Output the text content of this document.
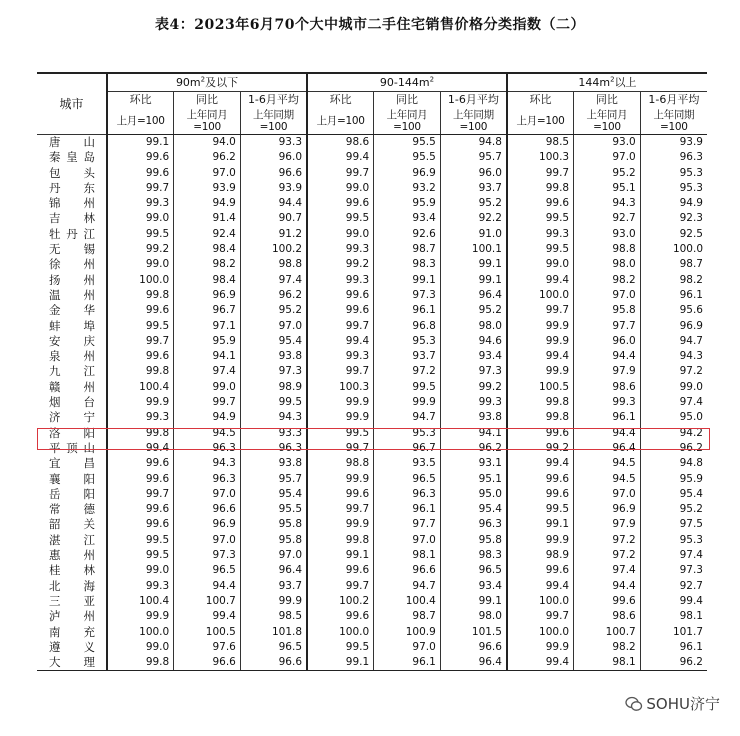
表4：2023年6月70个大中城市二手住宅销售价格分类指数（二）
城市	$90m^2$及以下			$90-144m^2$			$144m^2$以上		
	环比	同比	1-6月平均	环比	同比	1-6月平均	环比	同比	1-6月平均
	上月=100	上年同月=100	上年同期=100	上月=100	上年同月=100	上年同期=100	上月=100	上年同月=100	上年同期=100
唐山	99.1	94.0	93.3	98.6	95.5	94.8	98.5	93.0	93.9
秦皇岛	99.6	96.2	96.0	99.4	95.5	95.7	100.3	97.0	96.3
包头	99.6	97.0	96.6	99.7	96.9	96.0	99.7	95.2	95.3
丹东	99.7	93.9	93.9	99.0	93.2	93.7	99.8	95.1	95.3
锦州	99.3	94.9	94.4	99.6	95.9	95.2	99.6	94.3	94.9
吉林	99.0	91.4	90.7	99.5	93.4	92.2	99.5	92.7	92.3
牡丹江	99.5	92.4	91.2	99.0	92.6	91.0	99.3	93.0	92.5
无锡	99.2	98.4	100.2	99.3	98.7	100.1	99.5	98.8	100.0
徐州	99.0	98.2	98.8	99.2	98.3	99.1	99.0	98.0	98.7
扬州	100.0	98.4	97.4	99.3	99.1	99.1	99.4	98.2	98.2
温州	99.8	96.9	96.2	99.6	97.3	96.4	100.0	97.0	96.1
金华	99.6	96.7	95.2	99.6	96.1	95.2	99.7	95.8	95.6
蚌埠	99.5	97.1	97.0	99.7	96.8	98.0	99.9	97.7	96.9
安庆	99.7	95.9	95.4	99.4	95.3	94.6	99.9	96.0	94.7
泉州	99.6	94.1	93.8	99.3	93.7	93.4	99.4	94.4	94.3
九江	99.8	97.4	97.3	99.7	97.2	97.3	99.9	97.9	97.2
赣州	100.4	99.0	98.9	100.3	99.5	99.2	100.5	98.6	99.0
烟台	99.9	99.7	99.5	99.9	99.9	99.3	99.8	99.3	97.4
济宁	99.3	94.9	94.3	99.9	94.7	93.8	99.8	96.1	95.0
洛阳	99.8	94.5	93.3	99.5	95.3	94.1	99.6	94.4	94.2
平顶山	99.4	96.3	96.3	99.7	96.7	96.2	99.2	96.4	96.2
宜昌	99.6	94.3	93.8	98.8	93.5	93.1	99.4	94.5	94.8
襄阳	99.6	96.3	95.7	99.9	96.5	95.1	99.6	94.5	95.9
岳阳	99.7	97.0	95.4	99.6	96.3	95.0	99.6	97.0	95.4
常德	99.6	96.6	95.5	99.7	96.1	95.4	99.5	96.9	95.2
韶关	99.6	96.9	95.8	99.9	97.7	96.3	99.1	97.9	97.5
湛江	99.5	97.0	95.8	99.8	97.0	95.8	99.9	97.2	95.3
惠州	99.5	97.3	97.0	99.1	98.1	98.3	98.9	97.2	97.4
桂林	99.0	96.5	96.4	99.6	96.6	96.5	99.6	97.4	97.3
北海	99.3	94.4	93.7	99.7	94.7	93.4	99.4	94.4	92.7
三亚	100.4	100.7	99.9	100.2	100.4	99.1	100.0	99.6	99.4
泸州	99.9	99.4	98.5	99.6	98.7	98.0	99.7	98.6	98.1
南充	100.0	100.5	101.8	100.0	100.9	101.5	100.0	100.7	101.7
遵义	99.0	97.6	96.5	99.5	97.0	96.6	99.9	98.2	96.1
大理	99.8	96.6	96.6	99.1	96.1	96.4	99.4	98.1	96.2
SOHU济宁
